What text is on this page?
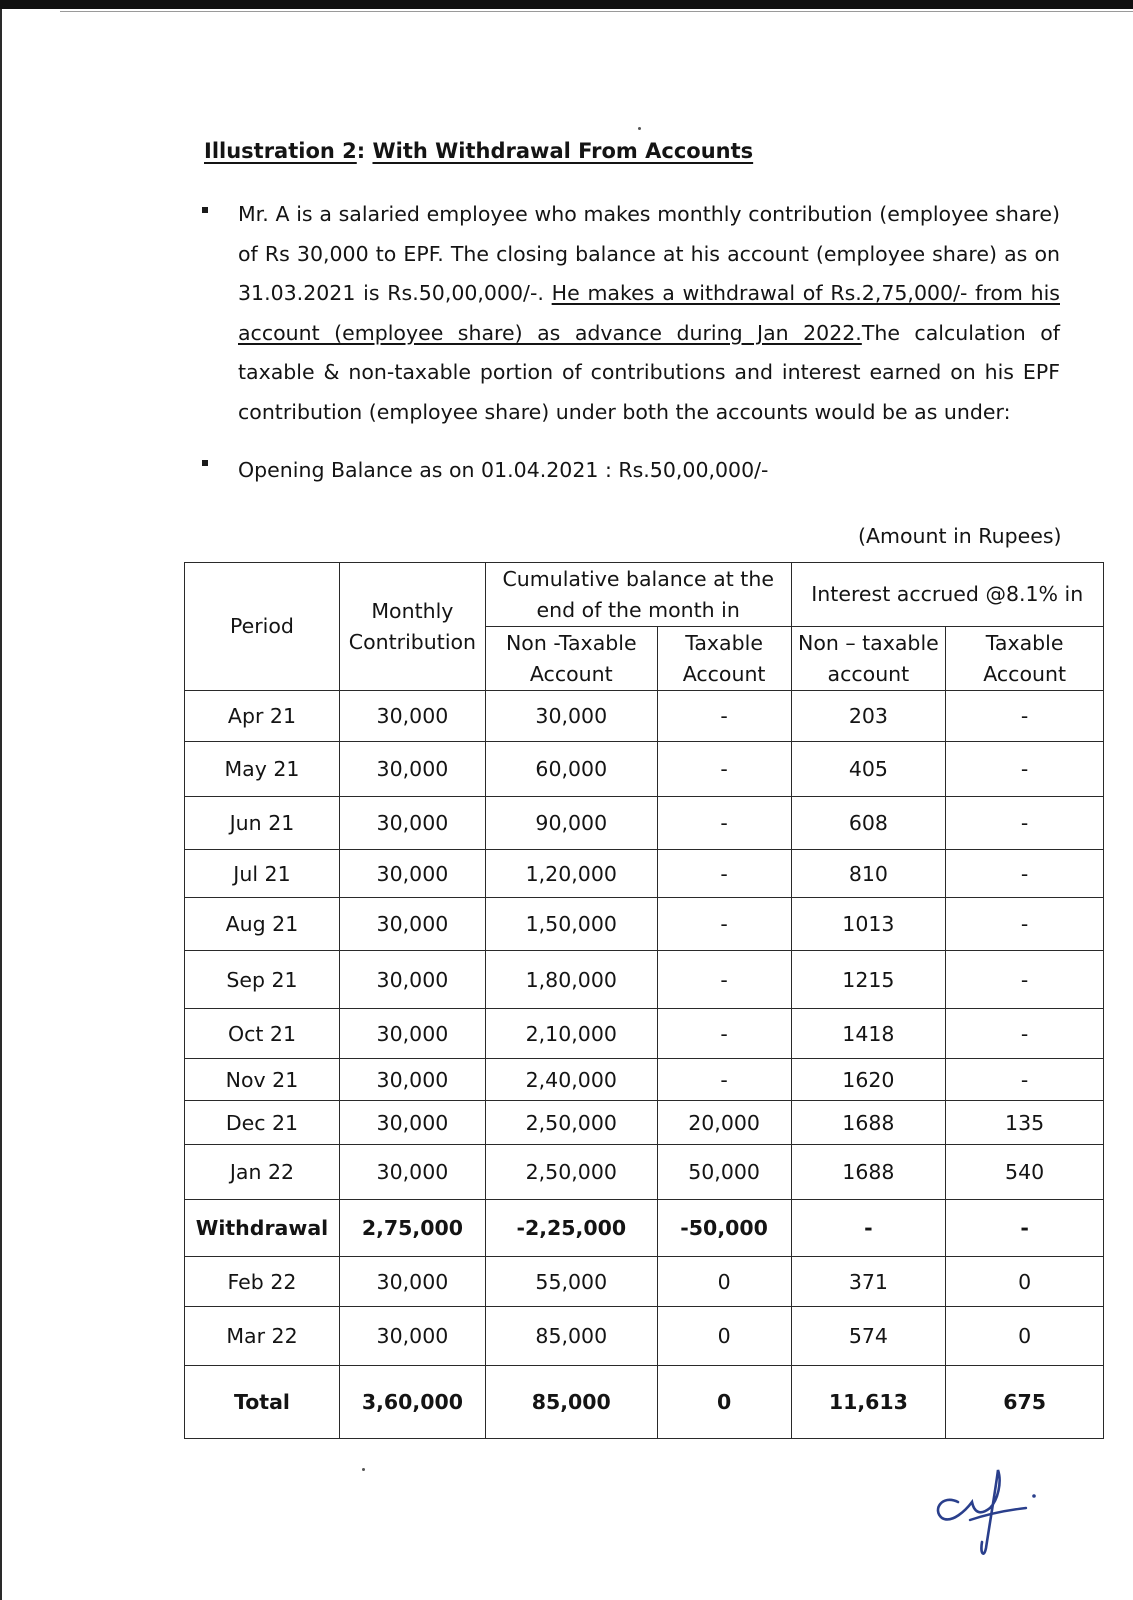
Illustration 2: With Withdrawal From Accounts

Mr. A is a salaried employee who makes monthly contribution (employee share) of Rs 30,000 to EPF. The closing balance at his account (employee share) as on 31.03.2021 is Rs.50,00,000/-. He makes a withdrawal of Rs.2,75,000/- from his account (employee share) as advance during Jan 2022.The calculation of taxable & non-taxable portion of contributions and interest earned on his EPF contribution (employee share) under both the accounts would be as under:

Opening Balance as on 01.04.2021 : Rs.50,00,000/-

(Amount in Rupees)

Period	Monthly Contribution	Cumulative balance at the end of the month in		Interest accrued @8.1% in	
		Non -Taxable Account	Taxable Account	Non – taxable account	Taxable Account
Apr 21	30,000	30,000	-	203	-
May 21	30,000	60,000	-	405	-
Jun 21	30,000	90,000	-	608	-
Jul 21	30,000	1,20,000	-	810	-
Aug 21	30,000	1,50,000	-	1013	-
Sep 21	30,000	1,80,000	-	1215	-
Oct 21	30,000	2,10,000	-	1418	-
Nov 21	30,000	2,40,000	-	1620	-
Dec 21	30,000	2,50,000	20,000	1688	135
Jan 22	30,000	2,50,000	50,000	1688	540
Withdrawal	2,75,000	-2,25,000	-50,000	-	-
Feb 22	30,000	55,000	0	371	0
Mar 22	30,000	85,000	0	574	0
Total	3,60,000	85,000	0	11,613	675
